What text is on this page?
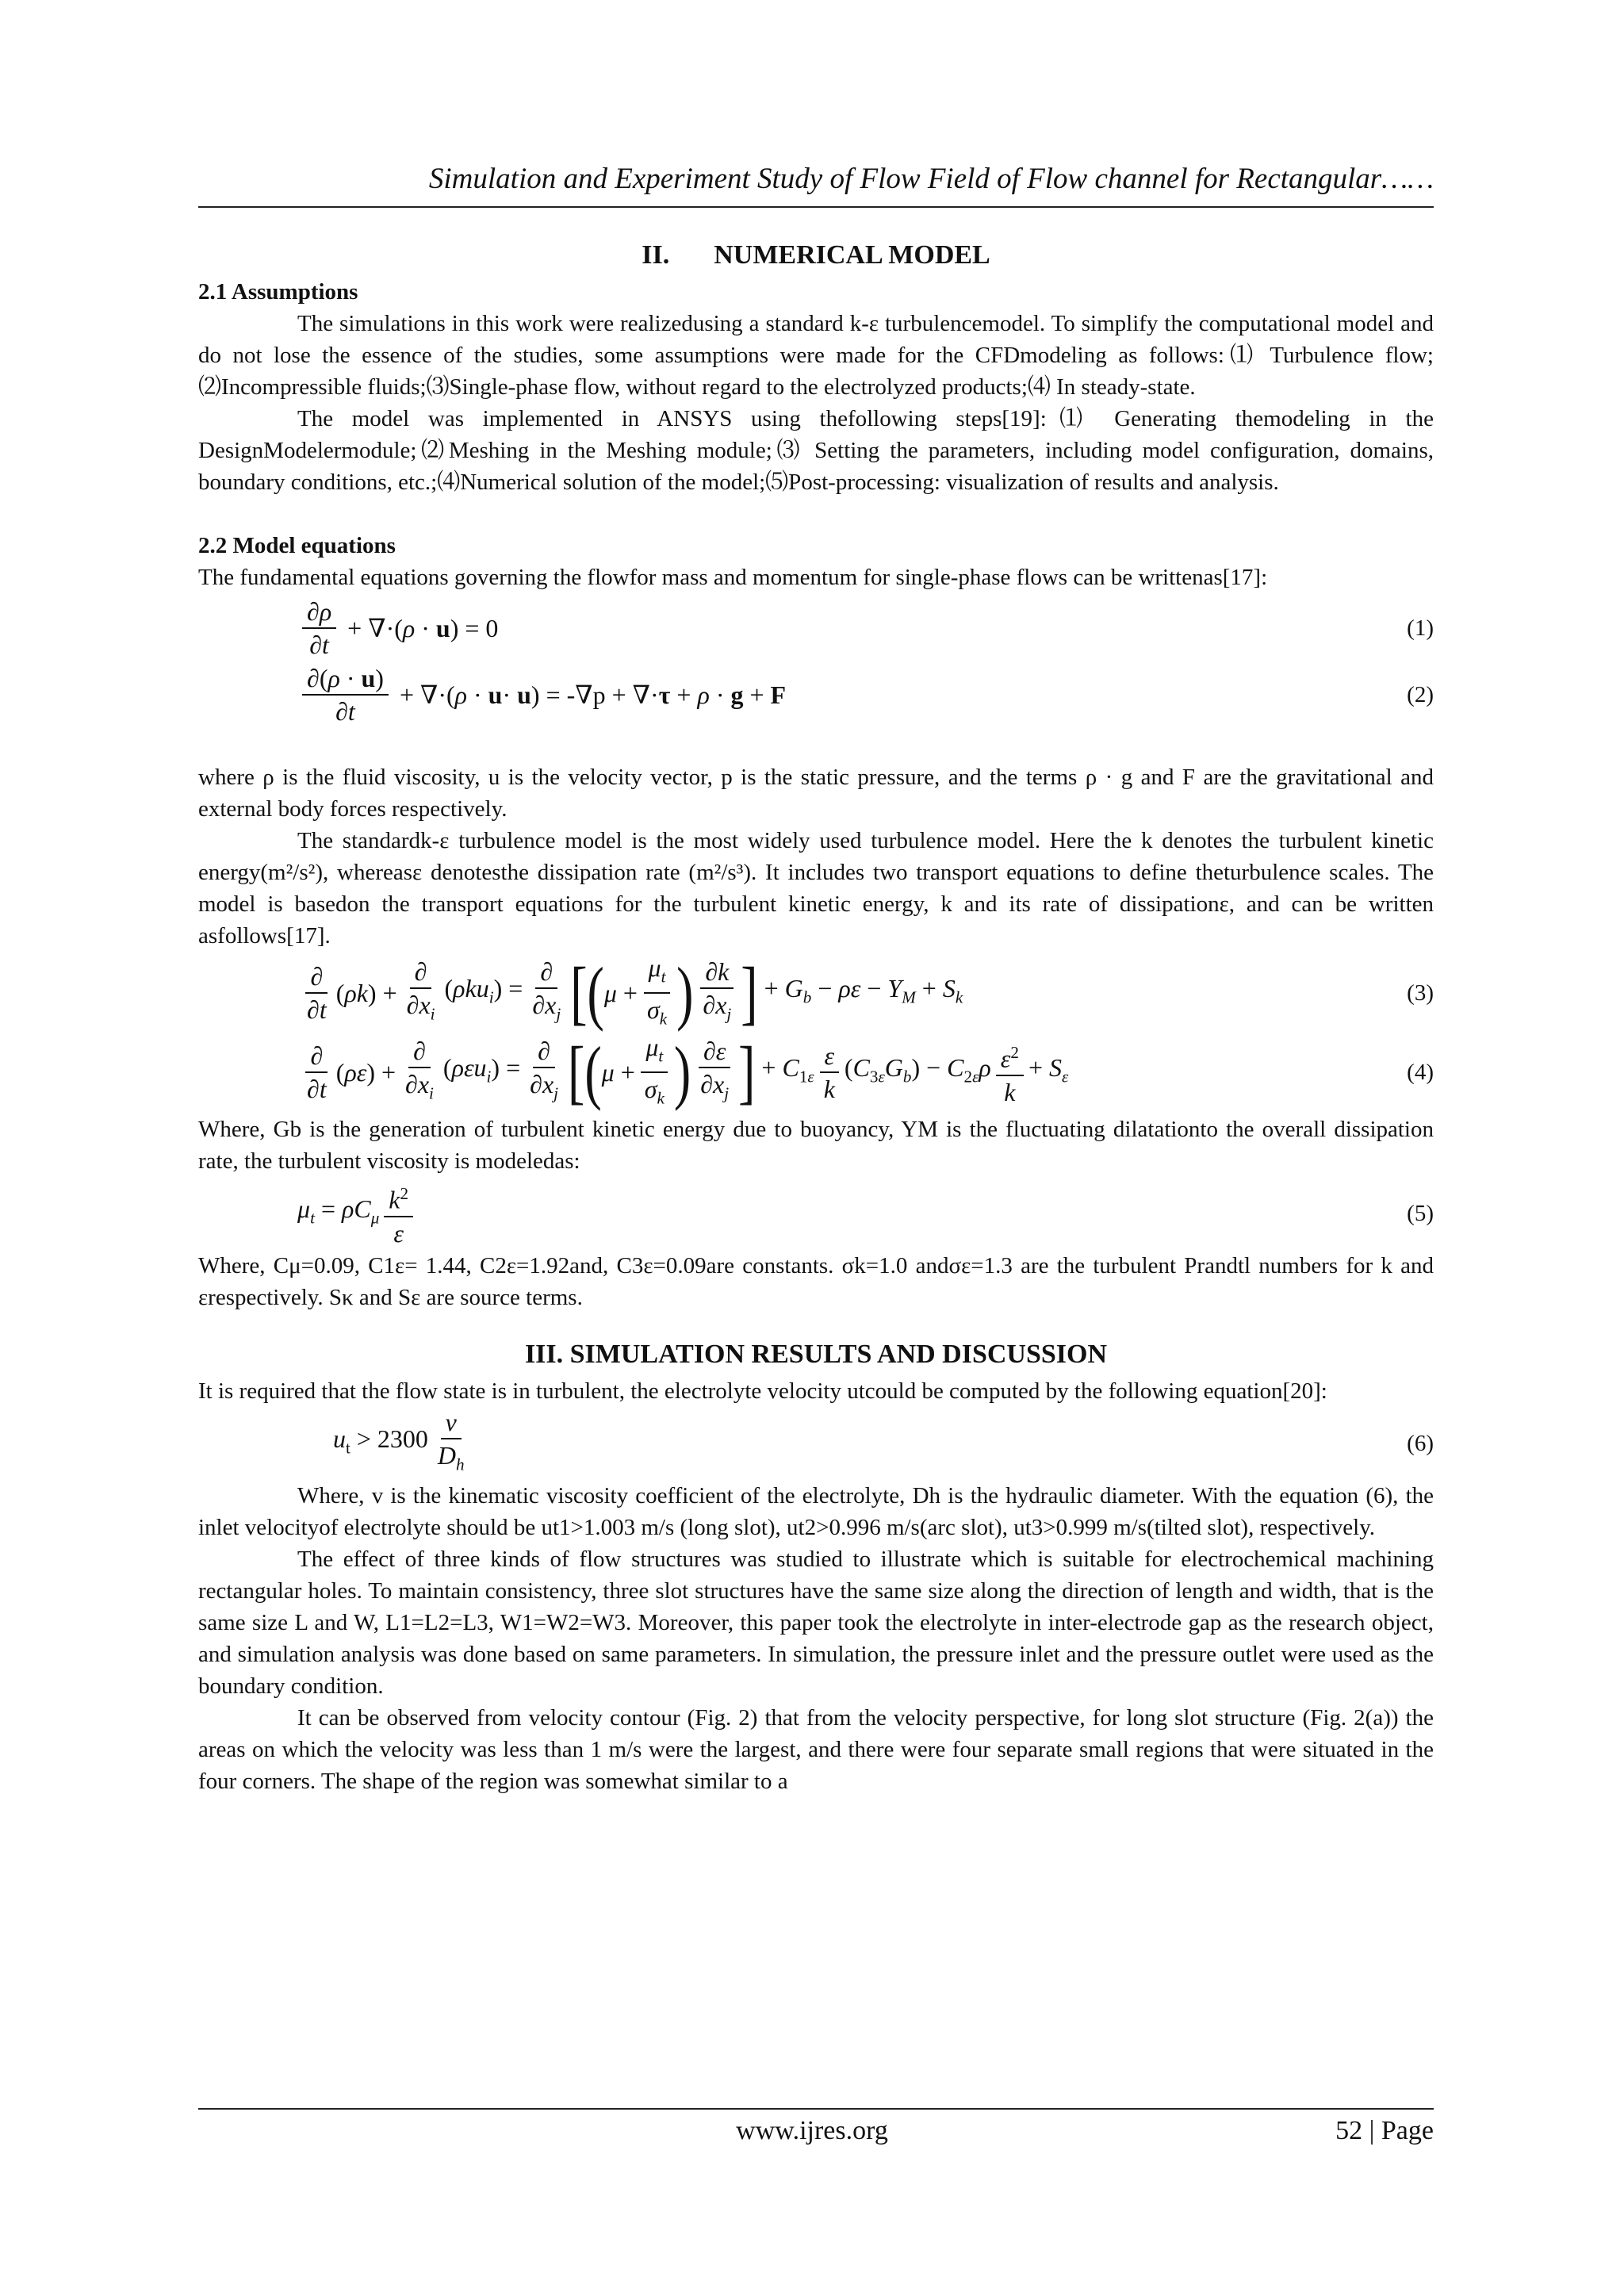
Simulation and Experiment Study of Flow Field of Flow channel for Rectangular……
II. NUMERICAL MODEL

2.1 Assumptions

The simulations in this work were realizedusing a standard k-ε turbulencemodel. To simplify the computational model and do not lose the essence of the studies, some assumptions were made for the CFDmodeling as follows:⑴ Turbulence flow; ⑵Incompressible fluids;⑶Single-phase flow, without regard to the electrolyzed products;⑷ In steady-state.

The model was implemented in ANSYS using thefollowing steps[19]:⑴ Generating themodeling in the DesignModelermodule;⑵Meshing in the Meshing module;⑶ Setting the parameters, including model configuration, domains, boundary conditions, etc.;⑷Numerical solution of the model;⑸Post-processing: visualization of results and analysis.

2.2 Model equations

The fundamental equations governing the flowfor mass and momentum for single-phase flows can be writtenas[17]:

$\frac{\partial\rho}{\partial t} + \nabla\cdot(\rho \cdot u) = 0$	(1)
$\frac{\partial(\rho \cdot u)}{\partial t} + \nabla\cdot(\rho \cdot u\cdot u) = -\nabla p + \nabla\cdot\tau + \rho \cdot g + F$	(2)

where ρ is the fluid viscosity, u is the velocity vector, p is the static pressure, and the terms ρ · g and F are the gravitational and external body forces respectively.

The standardk-ε turbulence model is the most widely used turbulence model. Here the k denotes the turbulent kinetic energy(m²/s²), whereasε denotesthe dissipation rate (m²/s³). It includes two transport equations to define theturbulence scales. The model is basedon the transport equations for the turbulent kinetic energy, k and its rate of dissipationε, and can be written asfollows[17].

$\frac{\partial}{\partial t} (\rho k) + \frac{\partial}{\partial x_i} (\rho ku_i) = \frac{\partial}{\partial x_j}$ [ ( $\mu + \frac{\mu_t}{\sigma_k}$ ) $\frac{\partial k}{\partial x_j}$ ] + $G_b - \rho\varepsilon - Y_M + S_k$	(3)
$\frac{\partial}{\partial t} (\rho\varepsilon) + \frac{\partial}{\partial x_i} (\rho\varepsilon u_i) = \frac{\partial}{\partial x_j}$ [ ( $\mu + \frac{\mu_t}{\sigma_k}$ ) $\frac{\partial\varepsilon}{\partial x_j}$ ] + $C_{1\varepsilon} \frac{\varepsilon}{k} (C_{3\varepsilon}G_b) - C_{2\varepsilon}\rho \frac{\varepsilon^2}{k} + S_\varepsilon$	(4)

Where, Gb is the generation of turbulent kinetic energy due to buoyancy, YM is the fluctuating dilatationto the overall dissipation rate, the turbulent viscosity is modeledas:

$\mu_t = \rho C_\mu \frac{k^2}{\varepsilon}$	(5)

Where, Cμ=0.09, C1ε= 1.44, C2ε=1.92and, C3ε=0.09are constants. σk=1.0 andσε=1.3 are the turbulent Prandtl numbers for k and εrespectively. Sκ and Sε are source terms.

III. SIMULATION RESULTS AND DISCUSSION

It is required that the flow state is in turbulent, the electrolyte velocity utcould be computed by the following equation[20]:

$u_t > 2300 \frac{v}{D_h}$	(6)

Where, v is the kinematic viscosity coefficient of the electrolyte, Dh is the hydraulic diameter. With the equation (6), the inlet velocityof electrolyte should be ut1>1.003 m/s (long slot), ut2>0.996 m/s(arc slot), ut3>0.999 m/s(tilted slot), respectively.

The effect of three kinds of flow structures was studied to illustrate which is suitable for electrochemical machining rectangular holes. To maintain consistency, three slot structures have the same size along the direction of length and width, that is the same size L and W, L1=L2=L3, W1=W2=W3. Moreover, this paper took the electrolyte in inter-electrode gap as the research object, and simulation analysis was done based on same parameters. In simulation, the pressure inlet and the pressure outlet were used as the boundary condition.

It can be observed from velocity contour (Fig. 2) that from the velocity perspective, for long slot structure (Fig. 2(a)) the areas on which the velocity was less than 1 m/s were the largest, and there were four separate small regions that were situated in the four corners. The shape of the region was somewhat similar to a

www.ijres.org	52 | Page
